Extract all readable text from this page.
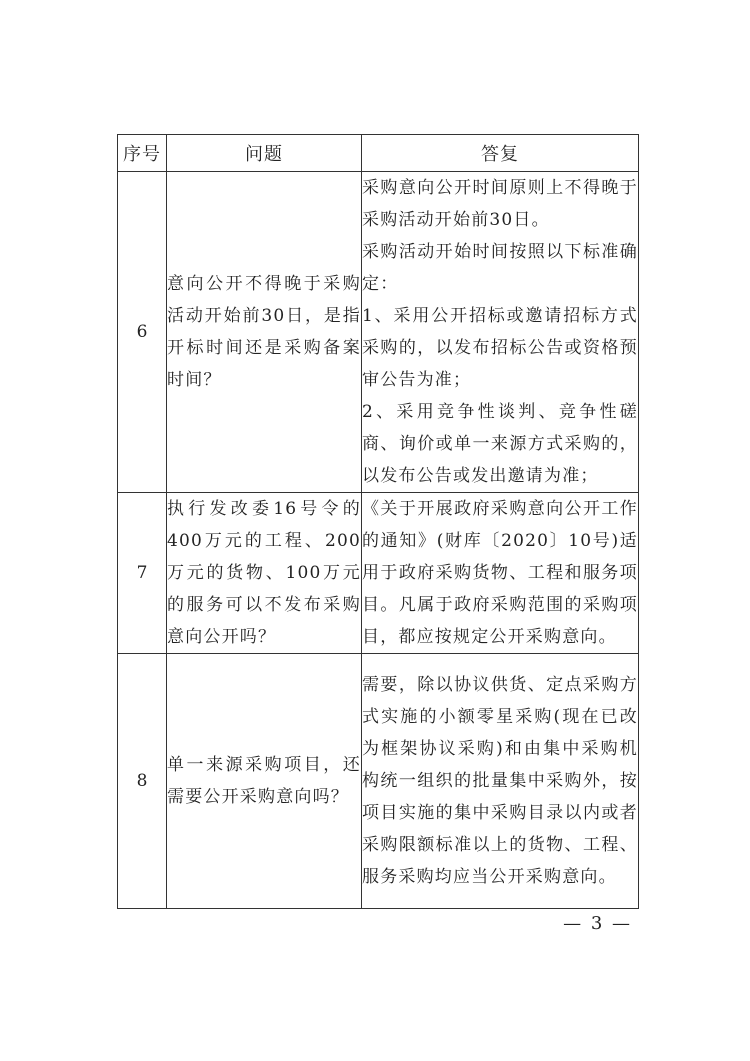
序号	问题	答复
6	意向公开不得晚于采购活动开始前30日，是指开标时间还是采购备案时间？	采购意向公开时间原则上不得晚于采购活动开始前30日。

采购活动开始时间按照以下标准确定：

1、采用公开招标或邀请招标方式采购的，以发布招标公告或资格预审公告为准；

2、采用竞争性谈判、竞争性磋商、询价或单一来源方式采购的，以发布公告或发出邀请为准；

7	执行发改委16号令的400万元的工程、200万元的货物、100万元的服务可以不发布采购意向公开吗？	《关于开展政府采购意向公开工作的通知》(财库〔2020〕10号)适用于政府采购货物、工程和服务项目。凡属于政府采购范围的采购项目，都应按规定公开采购意向。

8	单一来源采购项目，还需要公开采购意向吗？	需要，除以协议供货、定点采购方式实施的小额零星采购(现在已改为框架协议采购)和由集中采购机构统一组织的批量集中采购外，按项目实施的集中采购目录以内或者采购限额标准以上的货物、工程、服务采购均应当公开采购意向。

— 3 —
